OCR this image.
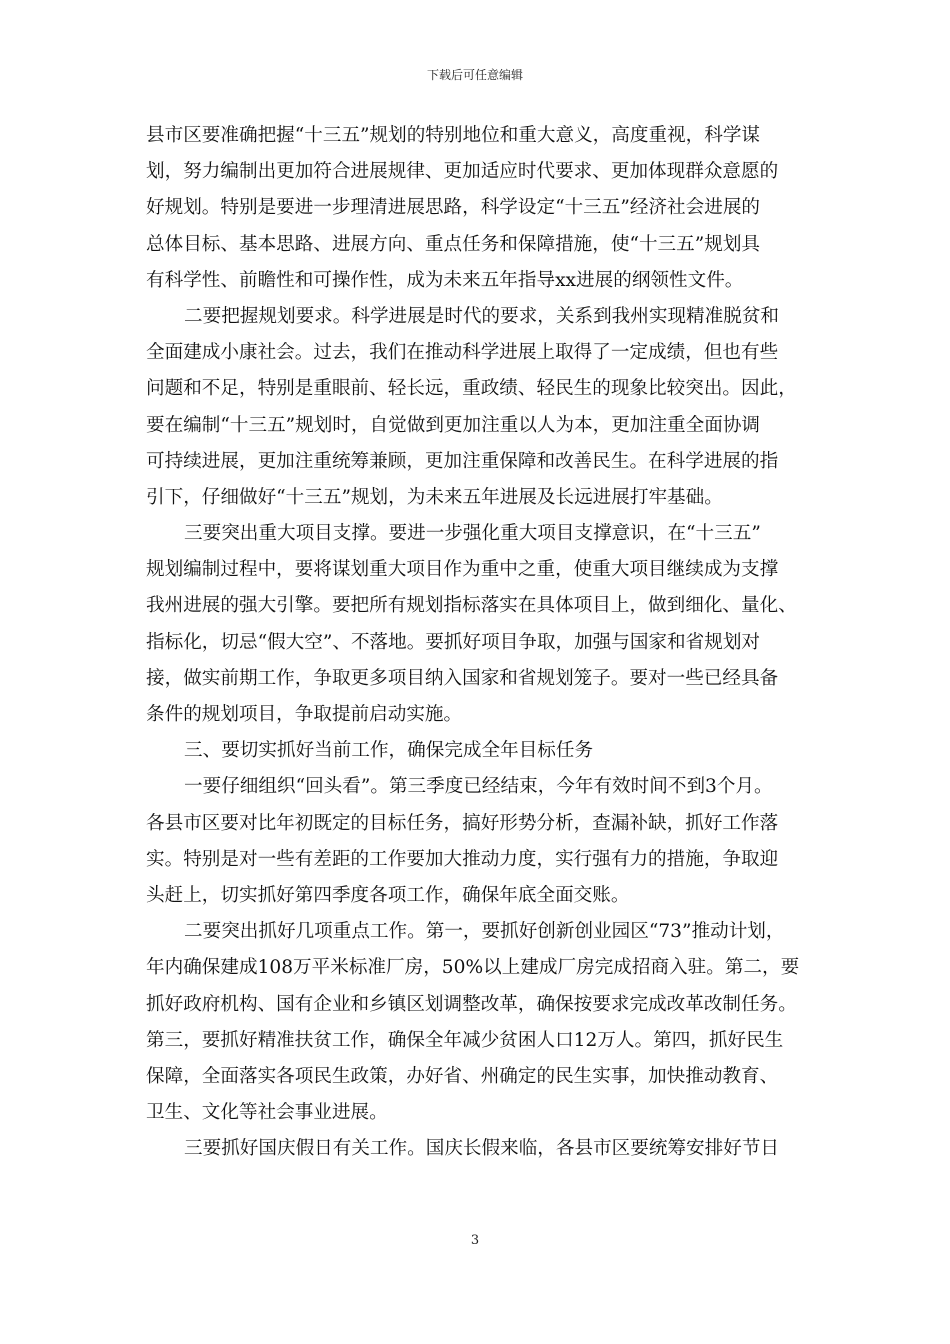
下载后可任意编辑
县市区要准确把握“十三五”规划的特别地位和重大意义，高度重视，科学谋
划，努力编制出更加符合进展规律、更加适应时代要求、更加体现群众意愿的
好规划。特别是要进一步理清进展思路，科学设定“十三五”经济社会进展的
总体目标、基本思路、进展方向、重点任务和保障措施，使“十三五”规划具
有科学性、前瞻性和可操作性，成为未来五年指导xx进展的纲领性文件。
二要把握规划要求。科学进展是时代的要求，关系到我州实现精准脱贫和
全面建成小康社会。过去，我们在推动科学进展上取得了一定成绩，但也有些
问题和不足，特别是重眼前、轻长远，重政绩、轻民生的现象比较突出。因此，
要在编制“十三五”规划时，自觉做到更加注重以人为本，更加注重全面协调
可持续进展，更加注重统筹兼顾，更加注重保障和改善民生。在科学进展的指
引下，仔细做好“十三五”规划，为未来五年进展及长远进展打牢基础。
三要突出重大项目支撑。要进一步强化重大项目支撑意识，在“十三五”
规划编制过程中，要将谋划重大项目作为重中之重，使重大项目继续成为支撑
我州进展的强大引擎。要把所有规划指标落实在具体项目上，做到细化、量化、
指标化，切忌“假大空”、不落地。要抓好项目争取，加强与国家和省规划对
接，做实前期工作，争取更多项目纳入国家和省规划笼子。要对一些已经具备
条件的规划项目，争取提前启动实施。
三、要切实抓好当前工作，确保完成全年目标任务
一要仔细组织“回头看”。第三季度已经结束，今年有效时间不到3个月。
各县市区要对比年初既定的目标任务，搞好形势分析，查漏补缺，抓好工作落
实。特别是对一些有差距的工作要加大推动力度，实行强有力的措施，争取迎
头赶上，切实抓好第四季度各项工作，确保年底全面交账。
二要突出抓好几项重点工作。第一，要抓好创新创业园区“73”推动计划，
年内确保建成108万平米标准厂房，50%以上建成厂房完成招商入驻。第二，要
抓好政府机构、国有企业和乡镇区划调整改革，确保按要求完成改革改制任务。
第三，要抓好精准扶贫工作，确保全年减少贫困人口12万人。第四，抓好民生
保障，全面落实各项民生政策，办好省、州确定的民生实事，加快推动教育、
卫生、文化等社会事业进展。
三要抓好国庆假日有关工作。国庆长假来临，各县市区要统筹安排好节日
3
